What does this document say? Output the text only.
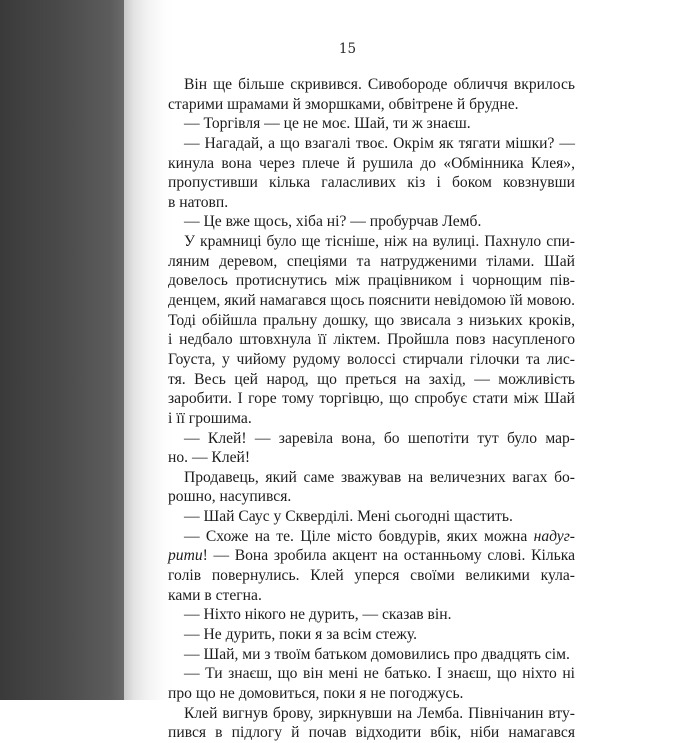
15
Він ще більше скривився. Сивобороде обличчя вкрилось
старими шрамами й зморшками, обвітрене й брудне.
— Торгівля — це не моє. Шай, ти ж знаєш.
— Нагадай, а що взагалі твоє. Окрім як тягати мішки? —
кинула вона через плече й рушила до «Обмінника Клея»,
пропустивши кілька галасливих кіз і боком ковзнувши
в натовп.
— Це вже щось, хіба ні? — пробурчав Лемб.
У крамниці було ще тісніше, ніж на вулиці. Пахнуло спи-
ляним деревом, спеціями та натрудженими тілами. Шай
довелось протиснутись між працівником і чорнощим пів-
денцем, який намагався щось пояснити невідомою їй мовою.
Тоді обійшла пральну дошку, що звисала з низьких кроків,
і недбало штовхнула її ліктем. Пройшла повз насупленого
Гоуста, у чийому рудому волоссі стирчали гілочки та лис-
тя. Весь цей народ, що преться на захід, — можливість
заробити. І горе тому торгівцю, що спробує стати між Шай
і її грошима.
— Клей! — заревіла вона, бо шепотіти тут було мар-
но. — Клей!
Продавець, який саме зважував на величезних вагах бо-
рошно, насупився.
— Шай Саус у Скверділі. Мені сьогодні щастить.
— Схоже на те. Ціле місто бовдурів, яких можна надуг-
рити! — Вона зробила акцент на останньому слові. Кілька
голів повернулись. Клей уперся своїми великими кула-
ками в стегна.
— Ніхто нікого не дурить, — сказав він.
— Не дурить, поки я за всім стежу.
— Шай, ми з твоїм батьком домовились про двадцять сім.
— Ти знаєш, що він мені не батько. І знаєш, що ніхто ні
про що не домовиться, поки я не погоджусь.
Клей вигнув брову, зиркнувши на Лемба. Північанин вту-
пився в підлогу й почав відходити вбік, ніби намагався
